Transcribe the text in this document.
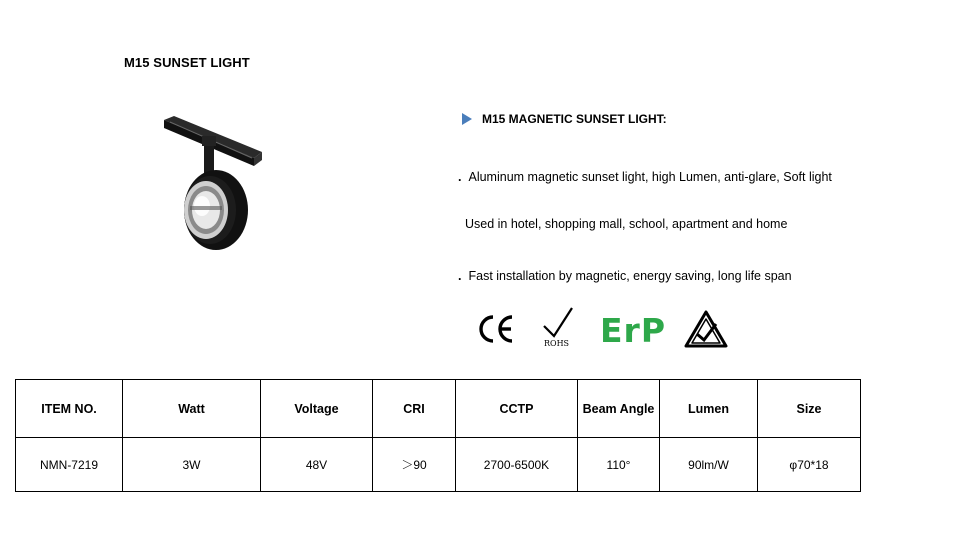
M15 SUNSET LIGHT
M15 MAGNETIC SUNSET LIGHT:
. Aluminum magnetic sunset light, high Lumen, anti-glare, Soft light
Used in hotel, shopping mall, school, apartment and home
. Fast installation by magnetic, energy saving, long life span
ROHS ErP
ITEM NO.	Watt	Voltage	CRI	CCTP	Beam Angle	Lumen	Size
NMN-7219	3W	48V	＞90	2700-6500K	110°	90lm/W	φ70*18
